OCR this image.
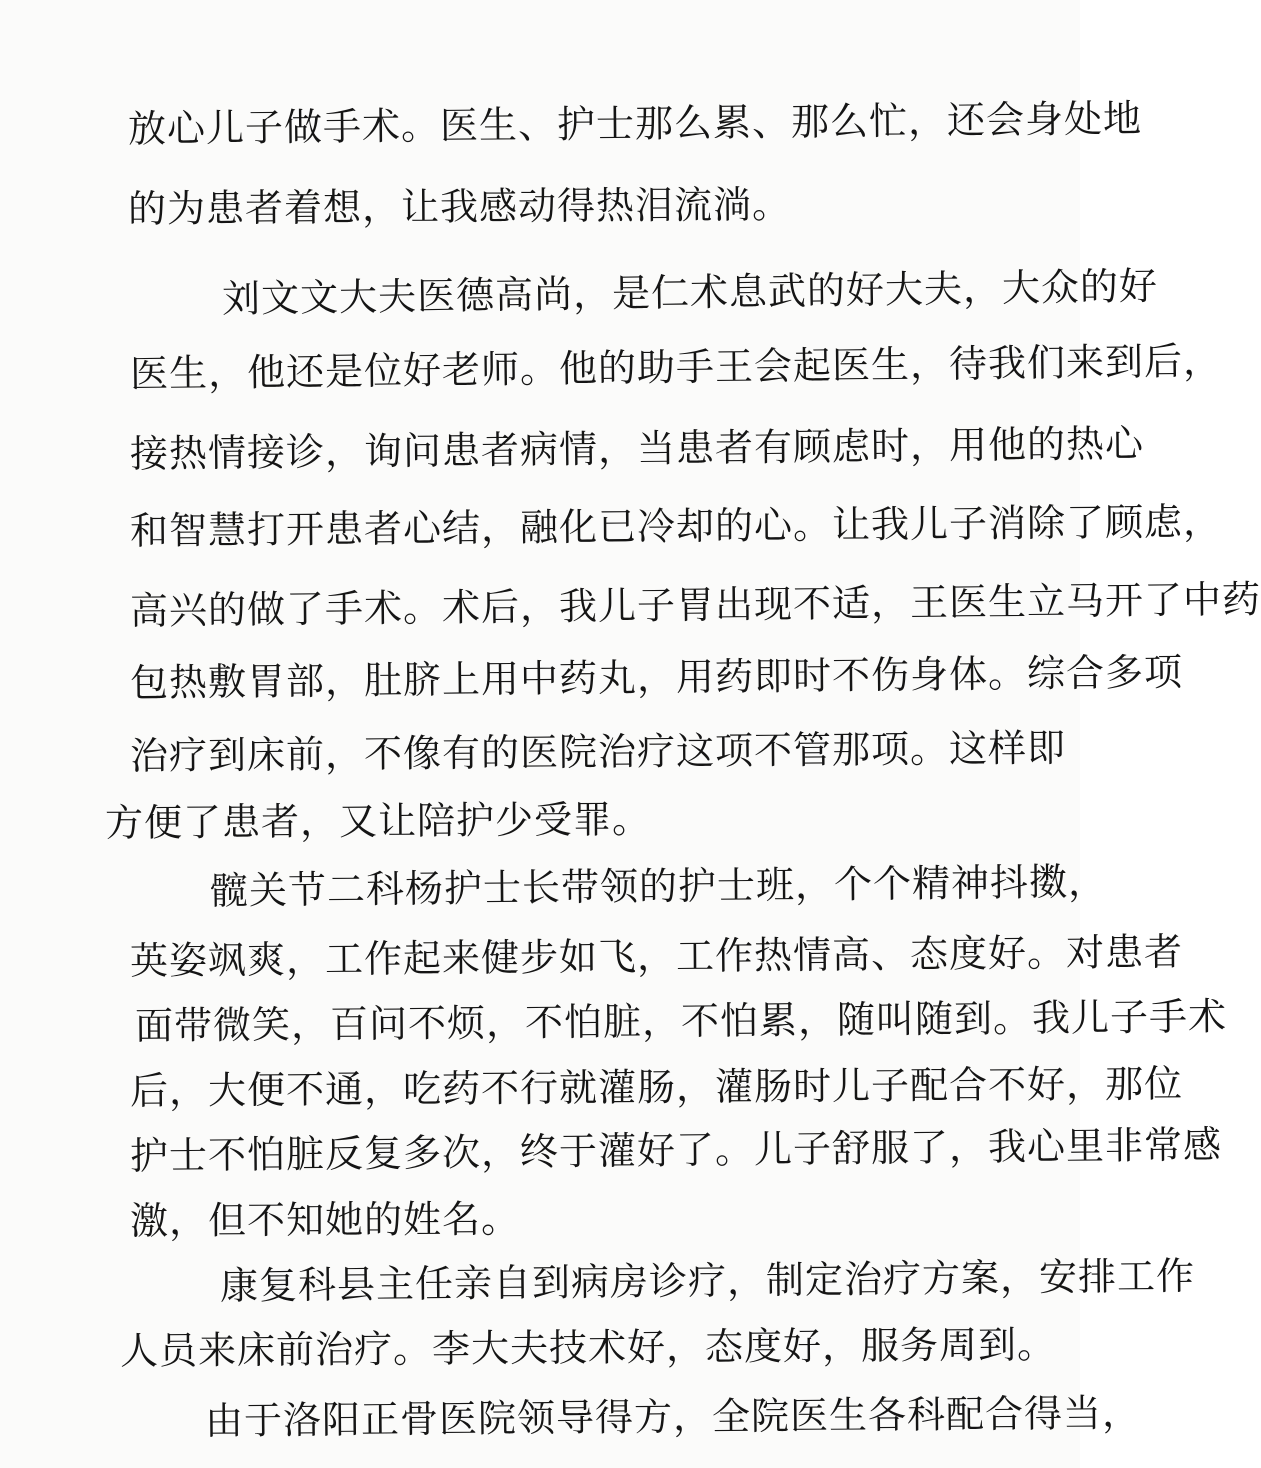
放心儿子做手术。医生、护士那么累、那么忙，还会身处地
的为患者着想，让我感动得热泪流淌。
刘文文大夫医德高尚，是仁术息武的好大夫，大众的好
医生，他还是位好老师。他的助手王会起医生，待我们来到后，
接热情接诊，询问患者病情，当患者有顾虑时，用他的热心
和智慧打开患者心结，融化已冷却的心。让我儿子消除了顾虑，
高兴的做了手术。术后，我儿子胃出现不适，王医生立马开了中药
包热敷胃部，肚脐上用中药丸，用药即时不伤身体。综合多项
治疗到床前，不像有的医院治疗这项不管那项。这样即
方便了患者，又让陪护少受罪。
髋关节二科杨护士长带领的护士班，个个精神抖擞，
英姿飒爽，工作起来健步如飞，工作热情高、态度好。对患者
面带微笑，百问不烦，不怕脏，不怕累，随叫随到。我儿子手术
后，大便不通，吃药不行就灌肠，灌肠时儿子配合不好，那位
护士不怕脏反复多次，终于灌好了。儿子舒服了，我心里非常感
激，但不知她的姓名。
康复科县主任亲自到病房诊疗，制定治疗方案，安排工作
人员来床前治疗。李大夫技术好，态度好，服务周到。
由于洛阳正骨医院领导得方，全院医生各科配合得当，
